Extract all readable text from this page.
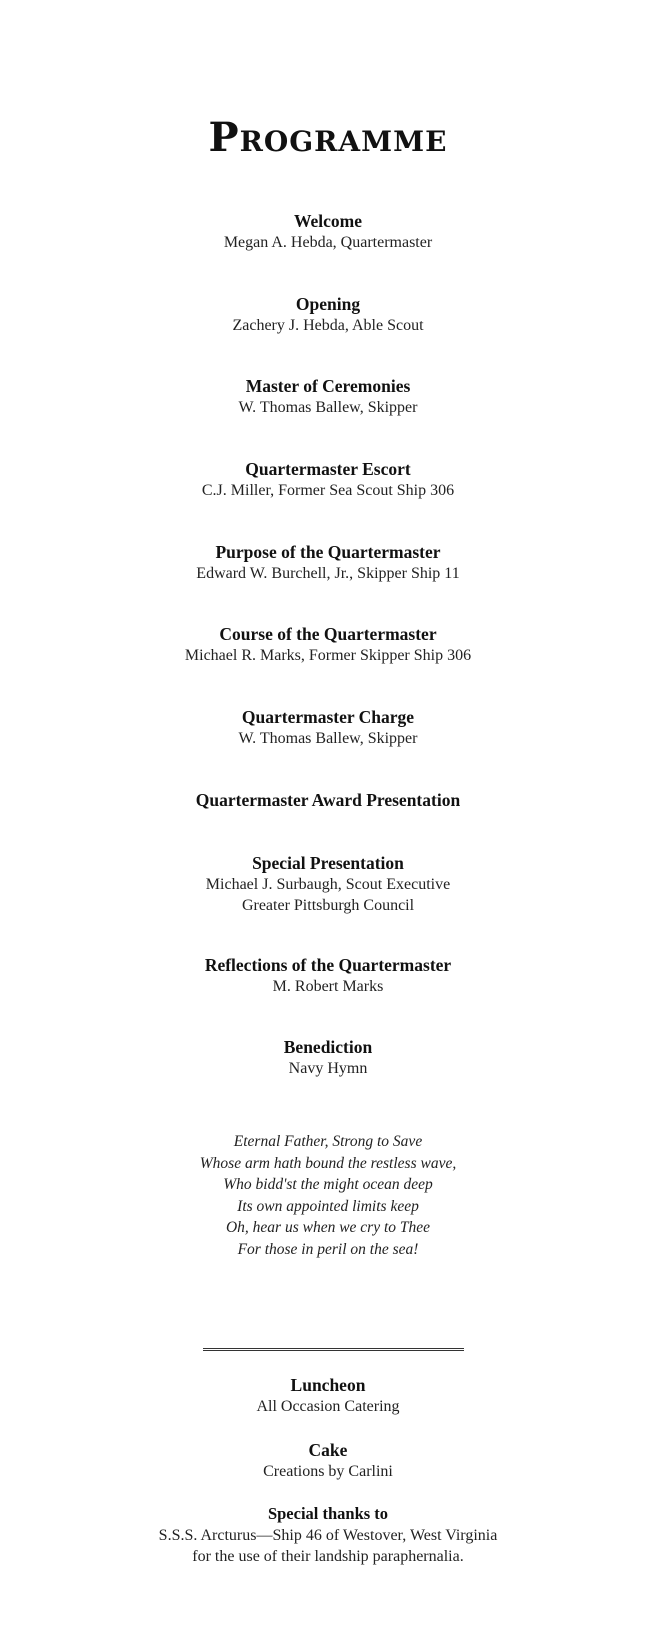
Programme
Welcome
Megan A. Hebda, Quartermaster
Opening
Zachery J. Hebda, Able Scout
Master of Ceremonies
W. Thomas Ballew, Skipper
Quartermaster Escort
C.J. Miller, Former Sea Scout Ship 306
Purpose of the Quartermaster
Edward W. Burchell, Jr., Skipper Ship 11
Course of the Quartermaster
Michael R. Marks, Former Skipper Ship 306
Quartermaster Charge
W. Thomas Ballew, Skipper
Quartermaster Award Presentation
Special Presentation
Michael J. Surbaugh, Scout Executive
Greater Pittsburgh Council
Reflections of the Quartermaster
M. Robert Marks
Benediction
Navy Hymn
Eternal Father, Strong to Save
Whose arm hath bound the restless wave,
Who bidd'st the might ocean deep
Its own appointed limits keep
Oh, hear us when we cry to Thee
For those in peril on the sea!
Luncheon
All Occasion Catering
Cake
Creations by Carlini
Special thanks to
S.S.S. Arcturus—Ship 46 of Westover, West Virginia
for the use of their landship paraphernalia.
